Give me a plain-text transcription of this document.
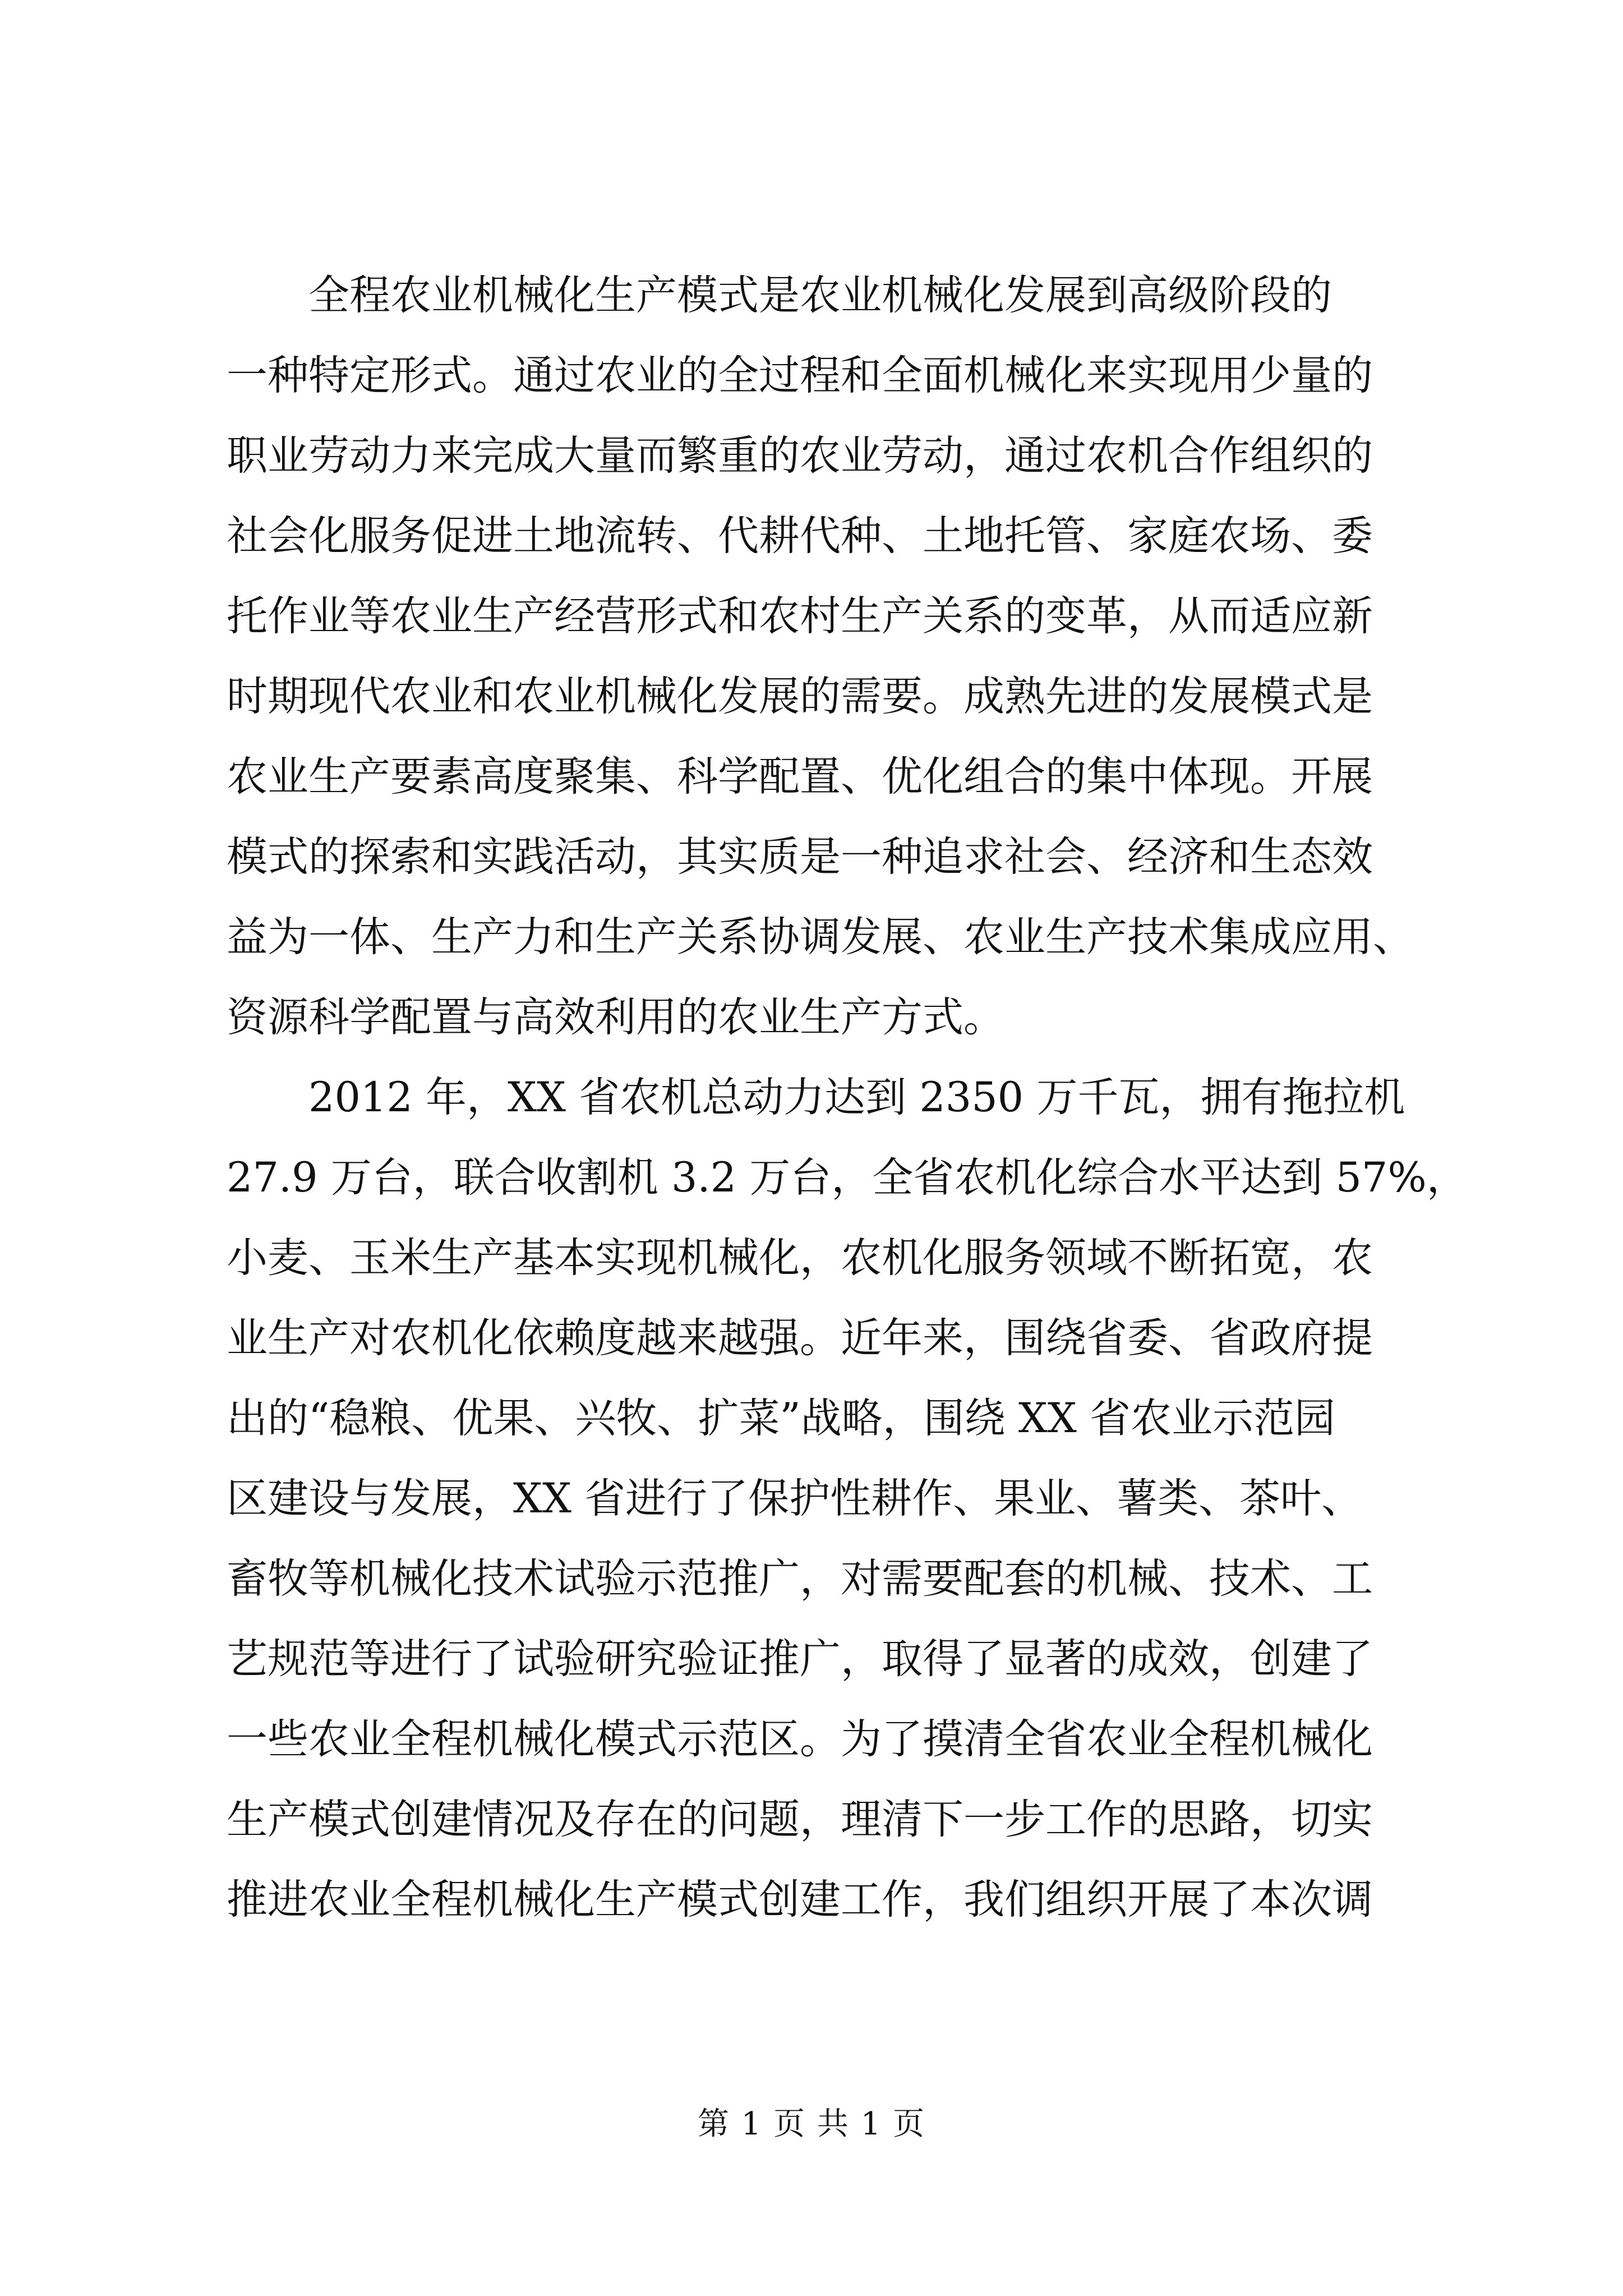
全程农业机械化生产模式是农业机械化发展到高级阶段的
一种特定形式。通过农业的全过程和全面机械化来实现用少量的
职业劳动力来完成大量而繁重的农业劳动，通过农机合作组织的
社会化服务促进土地流转、代耕代种、土地托管、家庭农场、委
托作业等农业生产经营形式和农村生产关系的变革，从而适应新
时期现代农业和农业机械化发展的需要。成熟先进的发展模式是
农业生产要素高度聚集、科学配置、优化组合的集中体现。开展
模式的探索和实践活动，其实质是一种追求社会、经济和生态效
益为一体、生产力和生产关系协调发展、农业生产技术集成应用、
资源科学配置与高效利用的农业生产方式。
2012 年，XX 省农机总动力达到 2350 万千瓦，拥有拖拉机
27.9 万台，联合收割机 3.2 万台，全省农机化综合水平达到 57%，
小麦、玉米生产基本实现机械化，农机化服务领域不断拓宽，农
业生产对农机化依赖度越来越强。近年来，围绕省委、省政府提
出的“稳粮、优果、兴牧、扩菜”战略，围绕 XX 省农业示范园
区建设与发展，XX 省进行了保护性耕作、果业、薯类、茶叶、
畜牧等机械化技术试验示范推广，对需要配套的机械、技术、工
艺规范等进行了试验研究验证推广，取得了显著的成效，创建了
一些农业全程机械化模式示范区。为了摸清全省农业全程机械化
生产模式创建情况及存在的问题，理清下一步工作的思路，切实
推进农业全程机械化生产模式创建工作，我们组织开展了本次调
第 1 页 共 1 页
